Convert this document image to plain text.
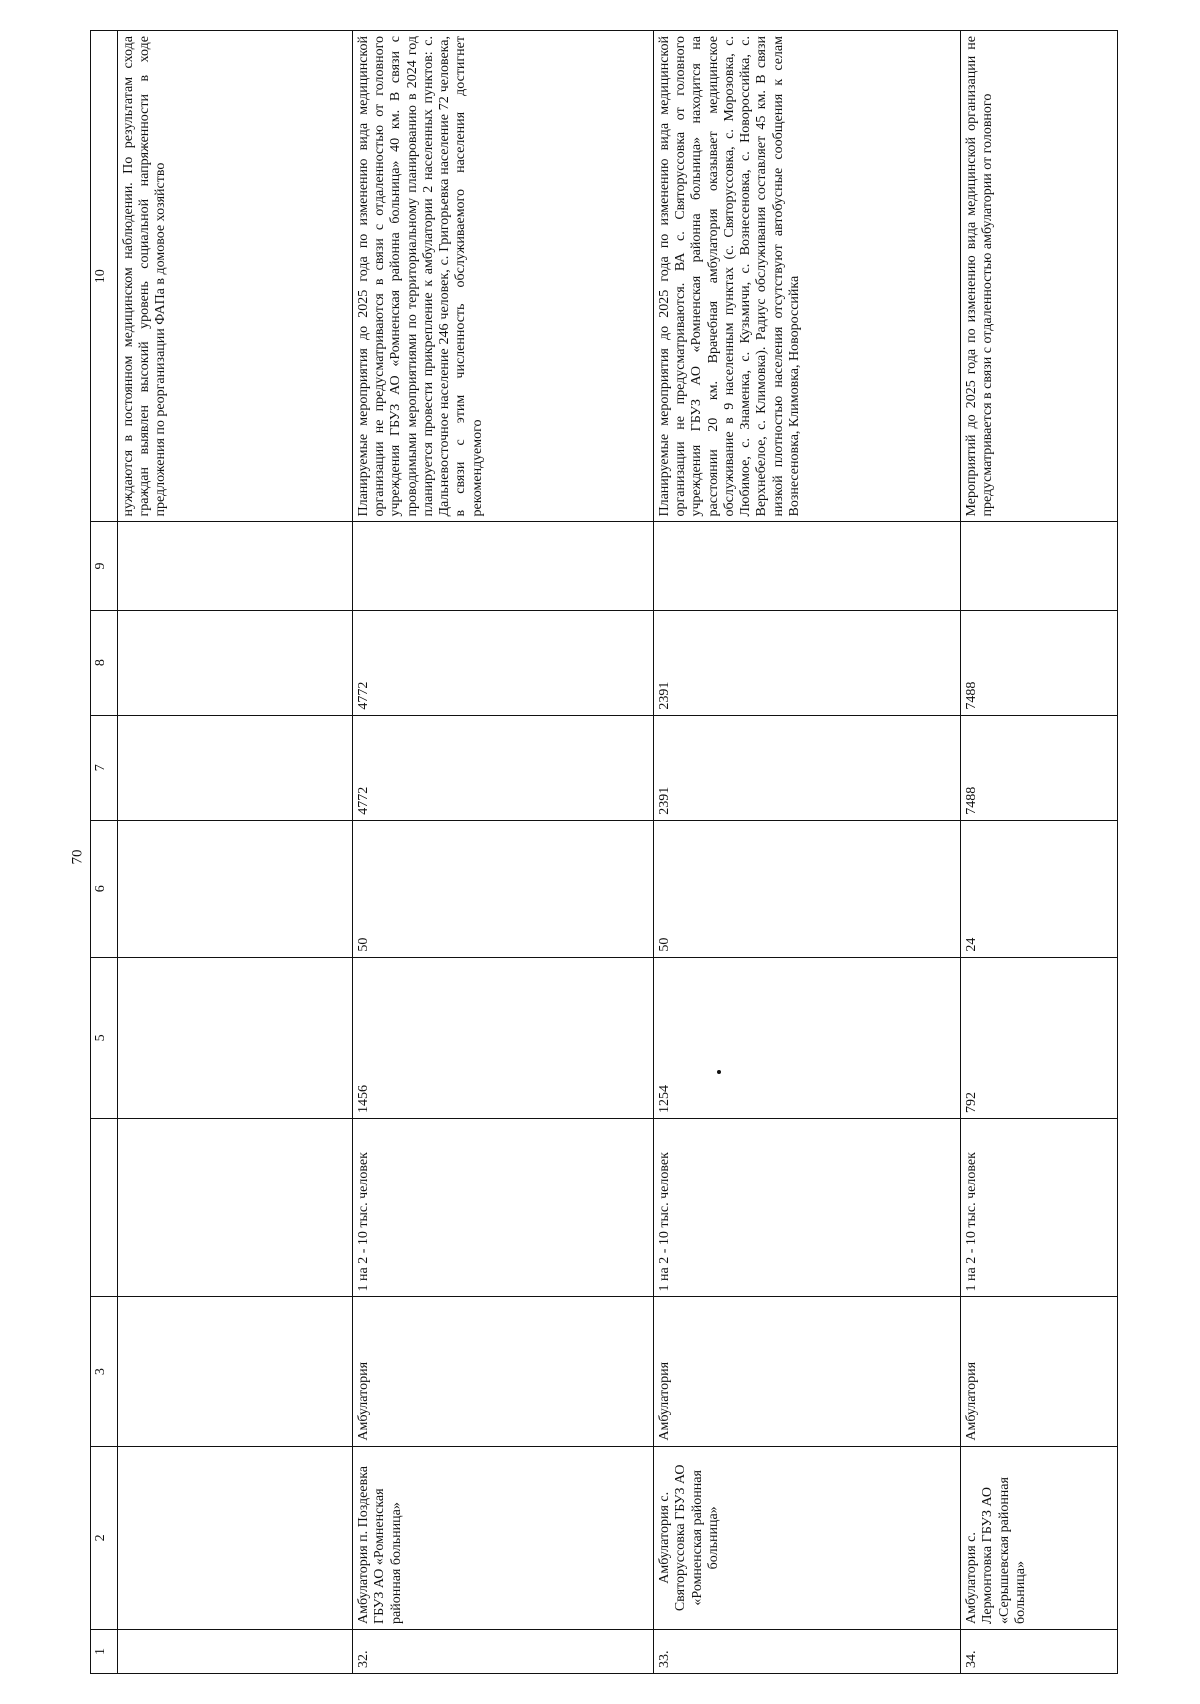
70
1	2	3		5	6	7	8	9	10
									нуждаются в постоянном медицинском наблюдении. По результатам схода граждан выявлен высокий уровень социальной напряженности в ходе предложения по реорганизации ФАПа в домовое хозяйство
32.	Амбулатория п. Поздеевка ГБУЗ АО «Ромненская районная больница»	Амбулатория	1 на 2 - 10 тыс. человек	1456	50	4772	4772		Планируемые мероприятия до 2025 года по изменению вида медицинской организации не предусматриваются в связи с отдаленностью от головного учреждения ГБУЗ АО «Ромненская районна больница» 40 км. В связи с проводимыми мероприятиями по территориальному планированию в 2024 год планируется провести прикрепление к амбулатории 2 населенных пунктов: с. Дальневосточное население 246 человек, с. Григорьевка население 72 человека, в связи с этим численность обслуживаемого населения достигнет рекомендуемого
33.	Амбулатория с. Святоруссовка ГБУЗ АО «Ромненская районная больница»	Амбулатория	1 на 2 - 10 тыс. человек	1254	50	2391	2391		Планируемые мероприятия до 2025 года по изменению вида медицинской организации не предусматриваются. ВА с. Святоруссовка от головного учреждения ГБУЗ АО «Ромненская районна больница» находится на расстоянии 20 км. Врачебная амбулатория оказывает медицинское обслуживание в 9 населенным пунктах (с. Святоруссовка, с. Морозовка, с. Любимое, с. Знаменка, с. Кузьмичи, с. Вознесеновка, с. Новороссийка, с. Верхнебелое, с. Климовка). Радиус обслуживания составляет 45 км. В связи низкой плотностью населения отсутствуют автобусные сообщения к селам Вознесеновка, Климовка, Новороссийка
34.	Амбулатория с. Лермонтовка ГБУЗ АО «Серышевская районная больница»	Амбулатория	1 на 2 - 10 тыс. человек	792	24	7488	7488		Мероприятий до 2025 года по изменению вида медицинской организации не предусматривается в связи с отдаленностью амбулатории от головного
